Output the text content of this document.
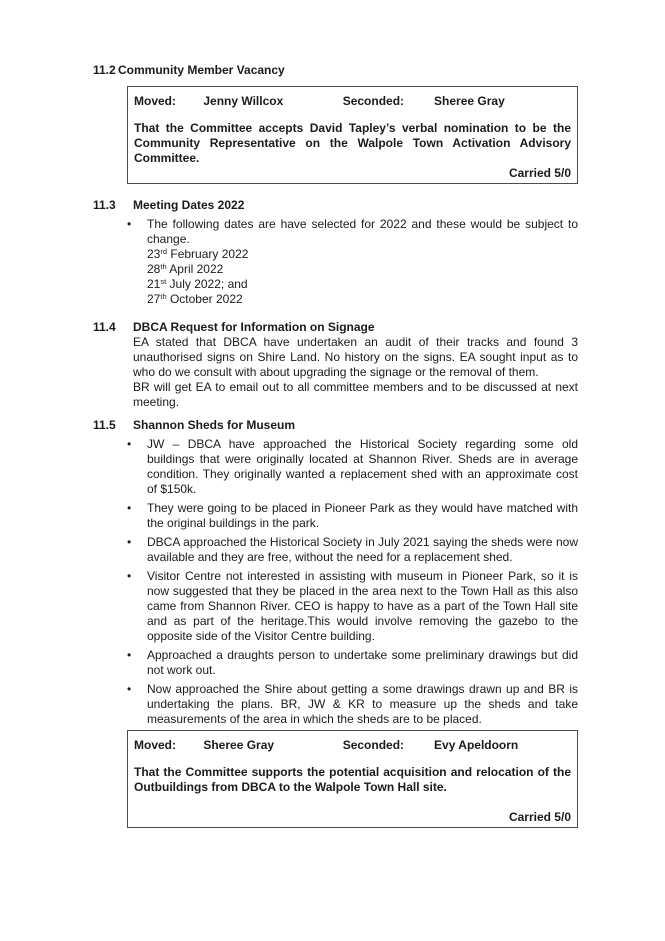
11.2 Community Member Vacancy
Moved: Jenny Willcox	Seconded:	Sheree Gray

That the Committee accepts David Tapley’s verbal nomination to be the Community Representative on the Walpole Town Activation Advisory Committee.

Carried 5/0
11.3	Meeting Dates 2022
•	The following dates are have selected for 2022 and these would be subject to change.
23rd February 2022
28th April 2022
21st July 2022; and
27th October 2022
11.4	DBCA Request for Information on Signage

EA stated that DBCA have undertaken an audit of their tracks and found 3 unauthorised signs on Shire Land. No history on the signs. EA sought input as to who do we consult with about upgrading the signage or the removal of them.

BR will get EA to email out to all committee members and to be discussed at next meeting.

11.5	Shannon Sheds for Museum
•	JW – DBCA have approached the Historical Society regarding some old buildings that were originally located at Shannon River. Sheds are in average condition. They originally wanted a replacement shed with an approximate cost of $150k.
•	They were going to be placed in Pioneer Park as they would have matched with the original buildings in the park.
•	DBCA approached the Historical Society in July 2021 saying the sheds were now available and they are free, without the need for a replacement shed.
•	Visitor Centre not interested in assisting with museum in Pioneer Park, so it is now suggested that they be placed in the area next to the Town Hall as this also came from Shannon River. CEO is happy to have as a part of the Town Hall site and as part of the heritage.This would involve removing the gazebo to the opposite side of the Visitor Centre building.
•	Approached a draughts person to undertake some preliminary drawings but did not work out.
•	Now approached the Shire about getting a some drawings drawn up and BR is undertaking the plans. BR, JW & KR to measure up the sheds and take measurements of the area in which the sheds are to be placed.
Moved: Sheree Gray	Seconded:	Evy Apeldoorn

That the Committee supports the potential acquisition and relocation of the Outbuildings from DBCA to the Walpole Town Hall site.

Carried 5/0
